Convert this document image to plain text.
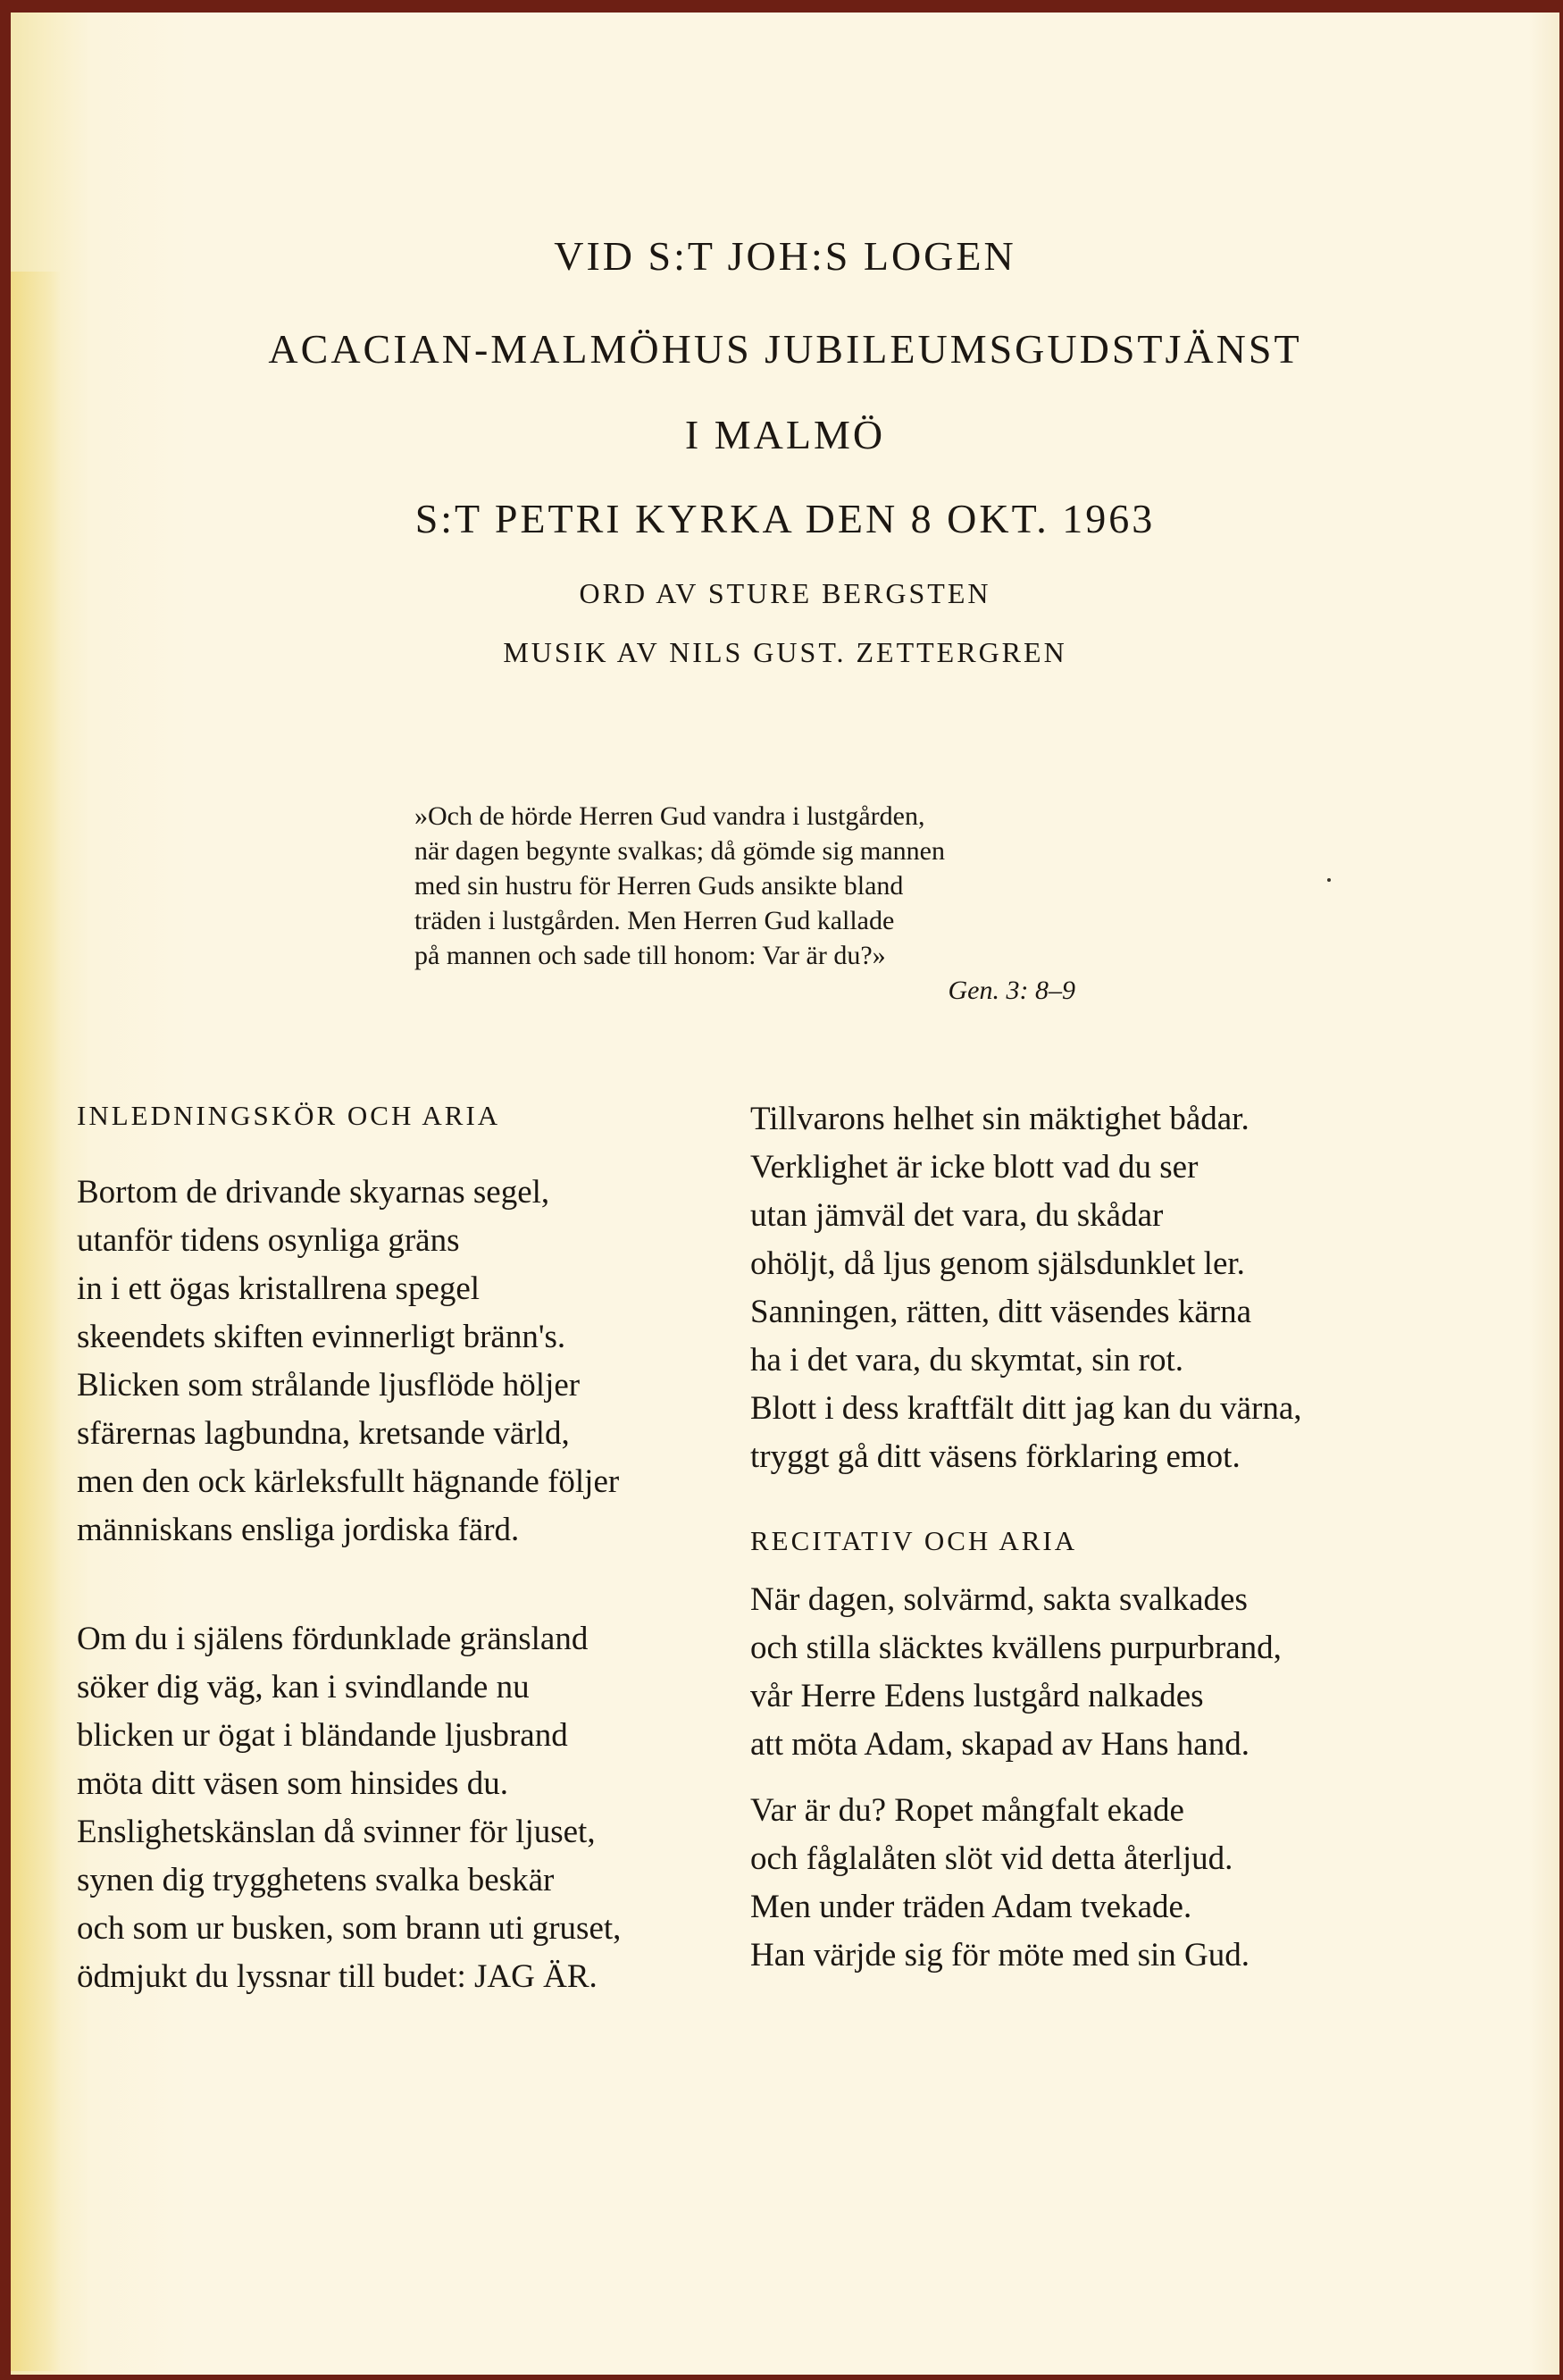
VID S:T JOH:S LOGEN
ACACIAN-MALMÖHUS JUBILEUMSGUDSTJÄNST
I MALMÖ
S:T PETRI KYRKA DEN 8 OKT. 1963
ORD AV STURE BERGSTEN
MUSIK AV NILS GUST. ZETTERGREN

»Och de hörde Herren Gud vandra i lustgården,

när dagen begynte svalkas; då gömde sig mannen

med sin hustru för Herren Guds ansikte bland

träden i lustgården. Men Herren Gud kallade

på mannen och sade till honom: Var är du?»

Gen. 3: 8–9

INLEDNINGSKÖR OCH ARIA
Bortom de drivande skyarnas segel,
utanför tidens osynliga gräns
in i ett ögas kristallrena spegel
skeendets skiften evinnerligt bränn's.
Blicken som strålande ljusflöde höljer
sfärernas lagbundna, kretsande värld,
men den ock kärleksfullt hägnande följer
människans ensliga jordiska färd.
Om du i själens fördunklade gränsland
söker dig väg, kan i svindlande nu
blicken ur ögat i bländande ljusbrand
möta ditt väsen som hinsides du.
Enslighetskänslan då svinner för ljuset,
synen dig trygghetens svalka beskär
och som ur busken, som brann uti gruset,
ödmjukt du lyssnar till budet: JAG ÄR.
Tillvarons helhet sin mäktighet bådar.
Verklighet är icke blott vad du ser
utan jämväl det vara, du skådar
ohöljt, då ljus genom själsdunklet ler.
Sanningen, rätten, ditt väsendes kärna
ha i det vara, du skymtat, sin rot.
Blott i dess kraftfält ditt jag kan du värna,
tryggt gå ditt väsens förklaring emot.
RECITATIV OCH ARIA
När dagen, solvärmd, sakta svalkades
och stilla släcktes kvällens purpurbrand,
vår Herre Edens lustgård nalkades
att möta Adam, skapad av Hans hand.
Var är du? Ropet mångfalt ekade
och fåglalåten slöt vid detta återljud.
Men under träden Adam tvekade.
Han värjde sig för möte med sin Gud.
